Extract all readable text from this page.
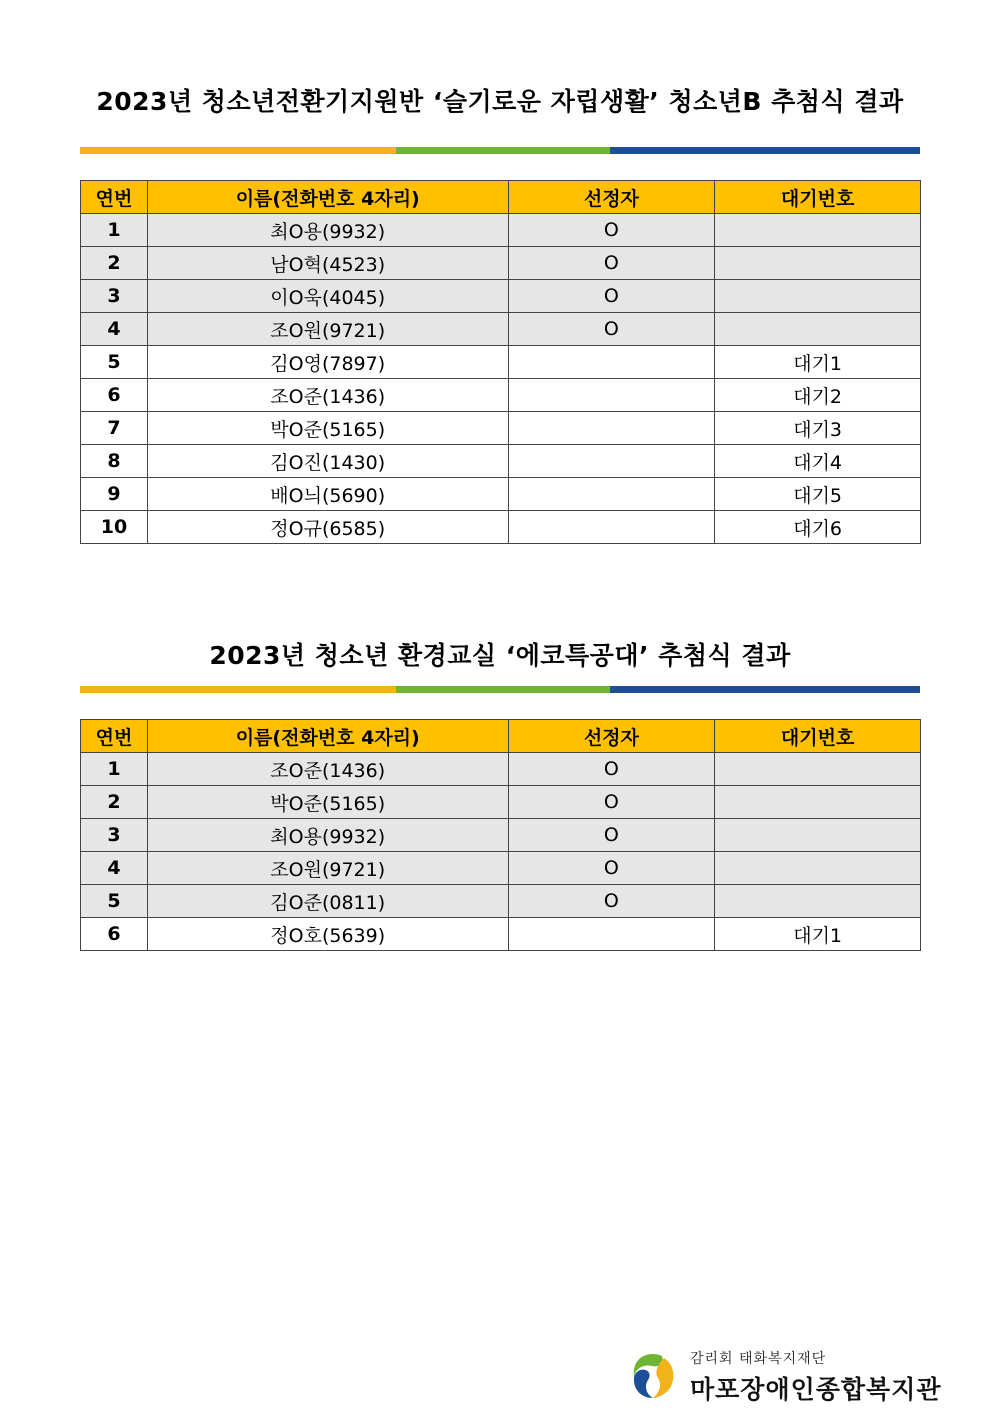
2023년 청소년전환기지원반 ‘슬기로운 자립생활’ 청소년B 추첨식 결과
연번	이름(전화번호 4자리)	선정자	대기번호
1	최O용(9932)	O	
2	남O혁(4523)	O	
3	이O욱(4045)	O	
4	조O원(9721)	O	
5	김O영(7897)		대기1
6	조O준(1436)		대기2
7	박O준(5165)		대기3
8	김O진(1430)		대기4
9	배O늬(5690)		대기5
10	정O규(6585)		대기6
2023년 청소년 환경교실 ‘에코특공대’ 추첨식 결과
연번	이름(전화번호 4자리)	선정자	대기번호
1	조O준(1436)	O	
2	박O준(5165)	O	
3	최O용(9932)	O	
4	조O원(9721)	O	
5	김O준(0811)	O	
6	정O호(5639)		대기1
감리회 태화복지재단
마포장애인종합복지관
